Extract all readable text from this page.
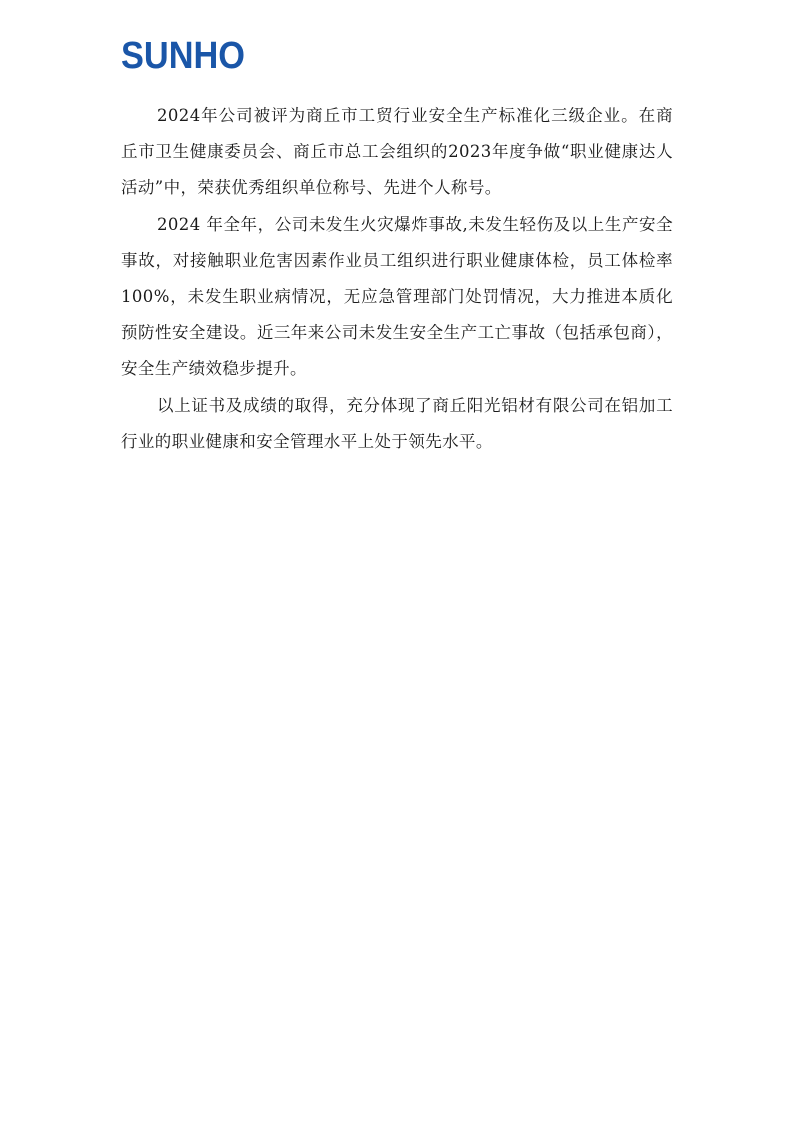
SUNHO

2024年公司被评为商丘市工贸行业安全生产标准化三级企业。在商丘市卫生健康委员会、商丘市总工会组织的2023年度争做“职业健康达人活动”中，荣获优秀组织单位称号、先进个人称号。

2024 年全年，公司未发生火灾爆炸事故,未发生轻伤及以上生产安全事故，对接触职业危害因素作业员工组织进行职业健康体检，员工体检率 100%，未发生职业病情况，无应急管理部门处罚情况，大力推进本质化预防性安全建设。近三年来公司未发生安全生产工亡事故（包括承包商），安全生产绩效稳步提升。

以上证书及成绩的取得，充分体现了商丘阳光铝材有限公司在铝加工行业的职业健康和安全管理水平上处于领先水平。
